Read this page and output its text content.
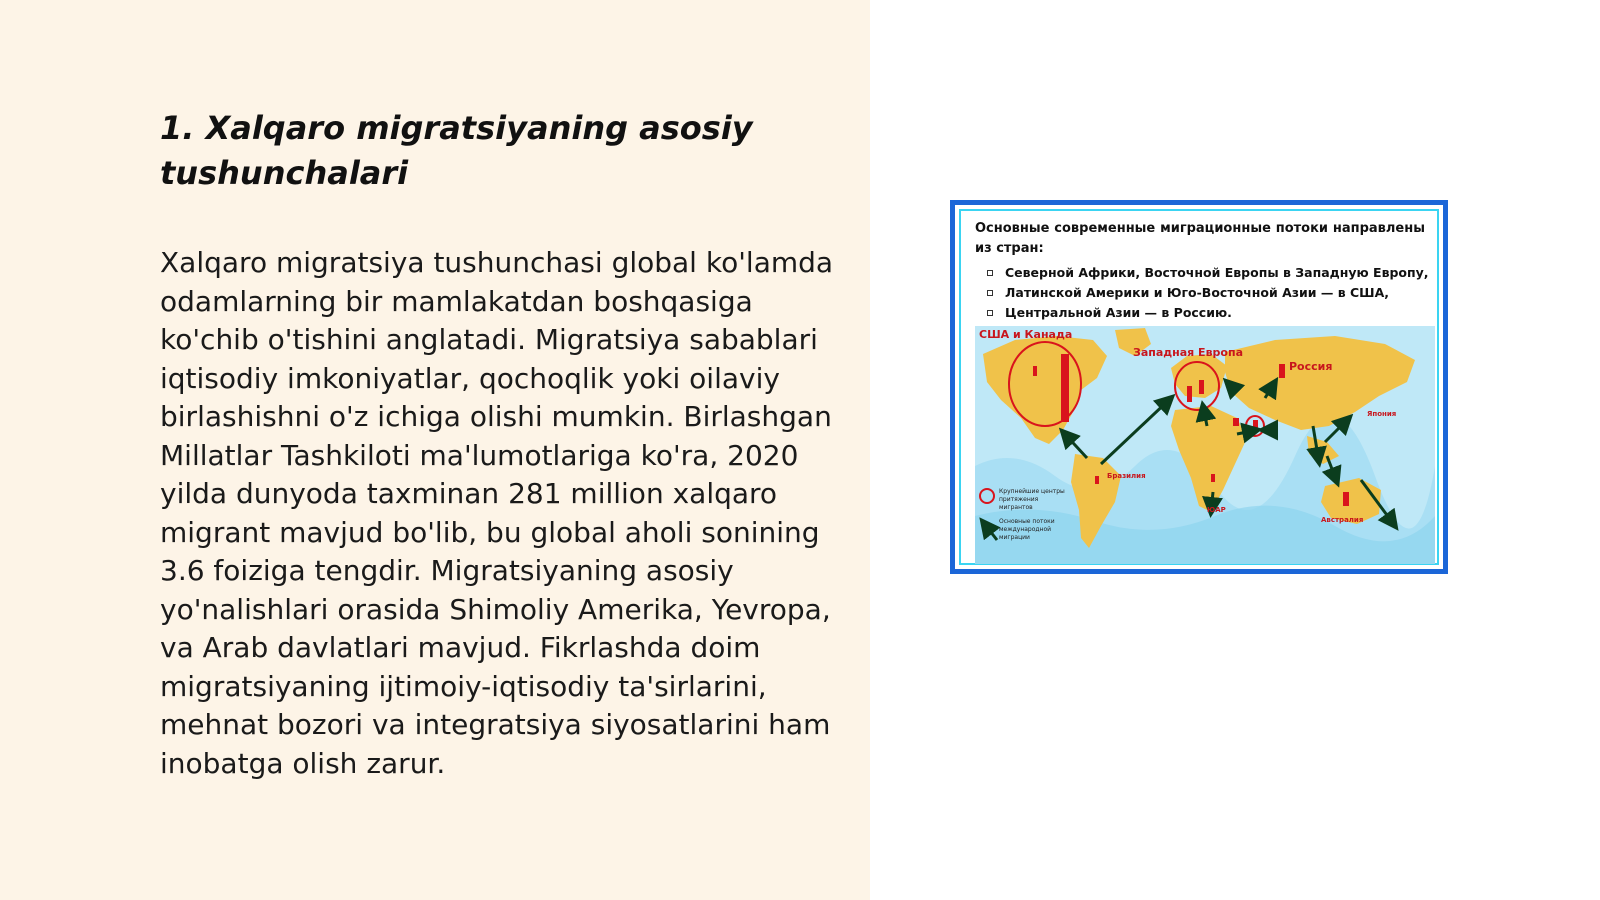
1. Xalqaro migratsiyaning asosiy tushunchalari

Xalqaro migratsiya tushunchasi global ko'lamda odamlarning bir mamlakatdan boshqasiga ko'chib o'tishini anglatadi. Migratsiya sabablari iqtisodiy imkoniyatlar, qochoqlik yoki oilaviy birlashishni o'z ichiga olishi mumkin. Birlashgan Millatlar Tashkiloti ma'lumotlariga ko'ra, 2020 yilda dunyoda taxminan 281 million xalqaro migrant mavjud bo'lib, bu global aholi sonining 3.6 foiziga tengdir. Migratsiyaning asosiy yo'nalishlari orasida Shimoliy Amerika, Yevropa, va Arab davlatlari mavjud. Fikrlashda doim migratsiyaning ijtimoiy-iqtisodiy ta'sirlarini, mehnat bozori va integratsiya siyosatlarini ham inobatga olish zarur.

Основные современные миграционные потоки направлены из стран:
Северной Африки, Восточной Европы в Западную Европу,
Латинской Америки и Юго-Восточной Азии — в США,
Центральной Азии — в Россию.
США и Канада
Западная Европа
Россия
Бразилия
ЮАР
Австралия
Япония
Крупнейшие центры притяжения мигрантов
Основные потоки международной миграции
